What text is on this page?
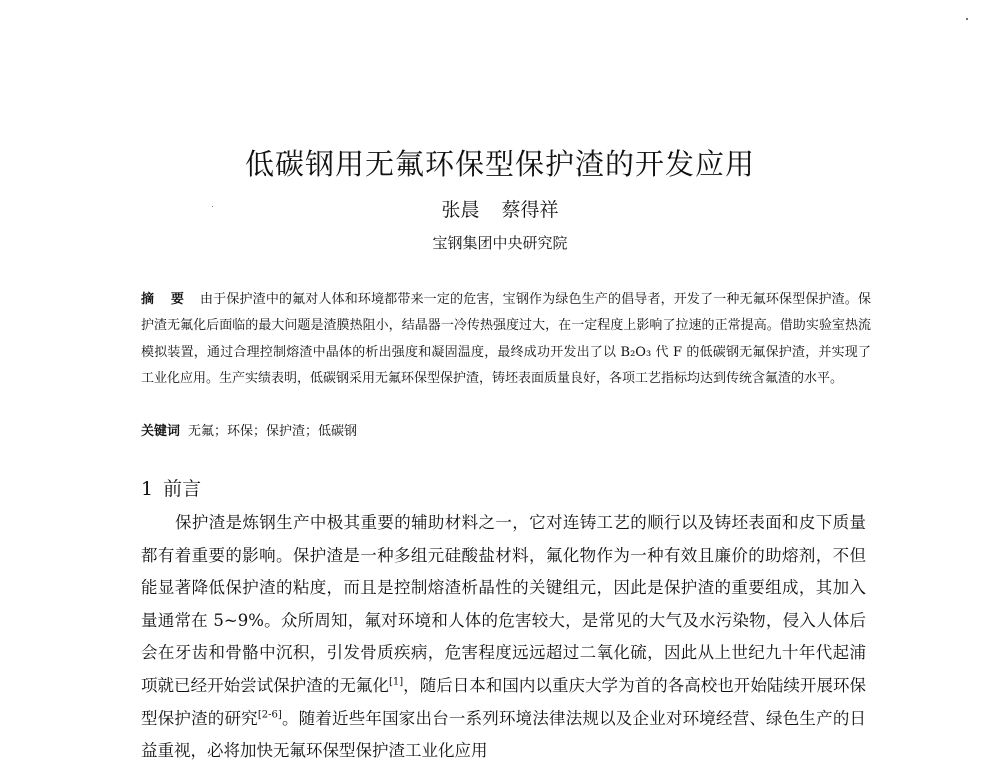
低碳钢用无氟环保型保护渣的开发应用
张晨 蔡得祥
宝钢集团中央研究院
摘 要 由于保护渣中的氟对人体和环境都带来一定的危害，宝钢作为绿色生产的倡导者，开发了一种无氟环保型保护渣。保护渣无氟化后面临的最大问题是渣膜热阻小，结晶器一冷传热强度过大，在一定程度上影响了拉速的正常提高。借助实验室热流模拟装置，通过合理控制熔渣中晶体的析出强度和凝固温度，最终成功开发出了以 B₂O₃ 代 F 的低碳钢无氟保护渣，并实现了工业化应用。生产实绩表明，低碳钢采用无氟环保型保护渣，铸坯表面质量良好，各项工艺指标均达到传统含氟渣的水平。
关键词 无氟；环保；保护渣；低碳钢
1 前言
保护渣是炼钢生产中极其重要的辅助材料之一，它对连铸工艺的顺行以及铸坯表面和皮下质量都有着重要的影响。保护渣是一种多组元硅酸盐材料，氟化物作为一种有效且廉价的助熔剂，不但能显著降低保护渣的粘度，而且是控制熔渣析晶性的关键组元，因此是保护渣的重要组成，其加入量通常在 5~9%。众所周知，氟对环境和人体的危害较大，是常见的大气及水污染物，侵入人体后会在牙齿和骨骼中沉积，引发骨质疾病，危害程度远远超过二氧化硫，因此从上世纪九十年代起浦项就已经开始尝试保护渣的无氟化[1]，随后日本和国内以重庆大学为首的各高校也开始陆续开展环保型保护渣的研究[2-6]。随着近些年国家出台一系列环境法律法规以及企业对环境经营、绿色生产的日益重视，必将加快无氟环保型保护渣工业化应用
